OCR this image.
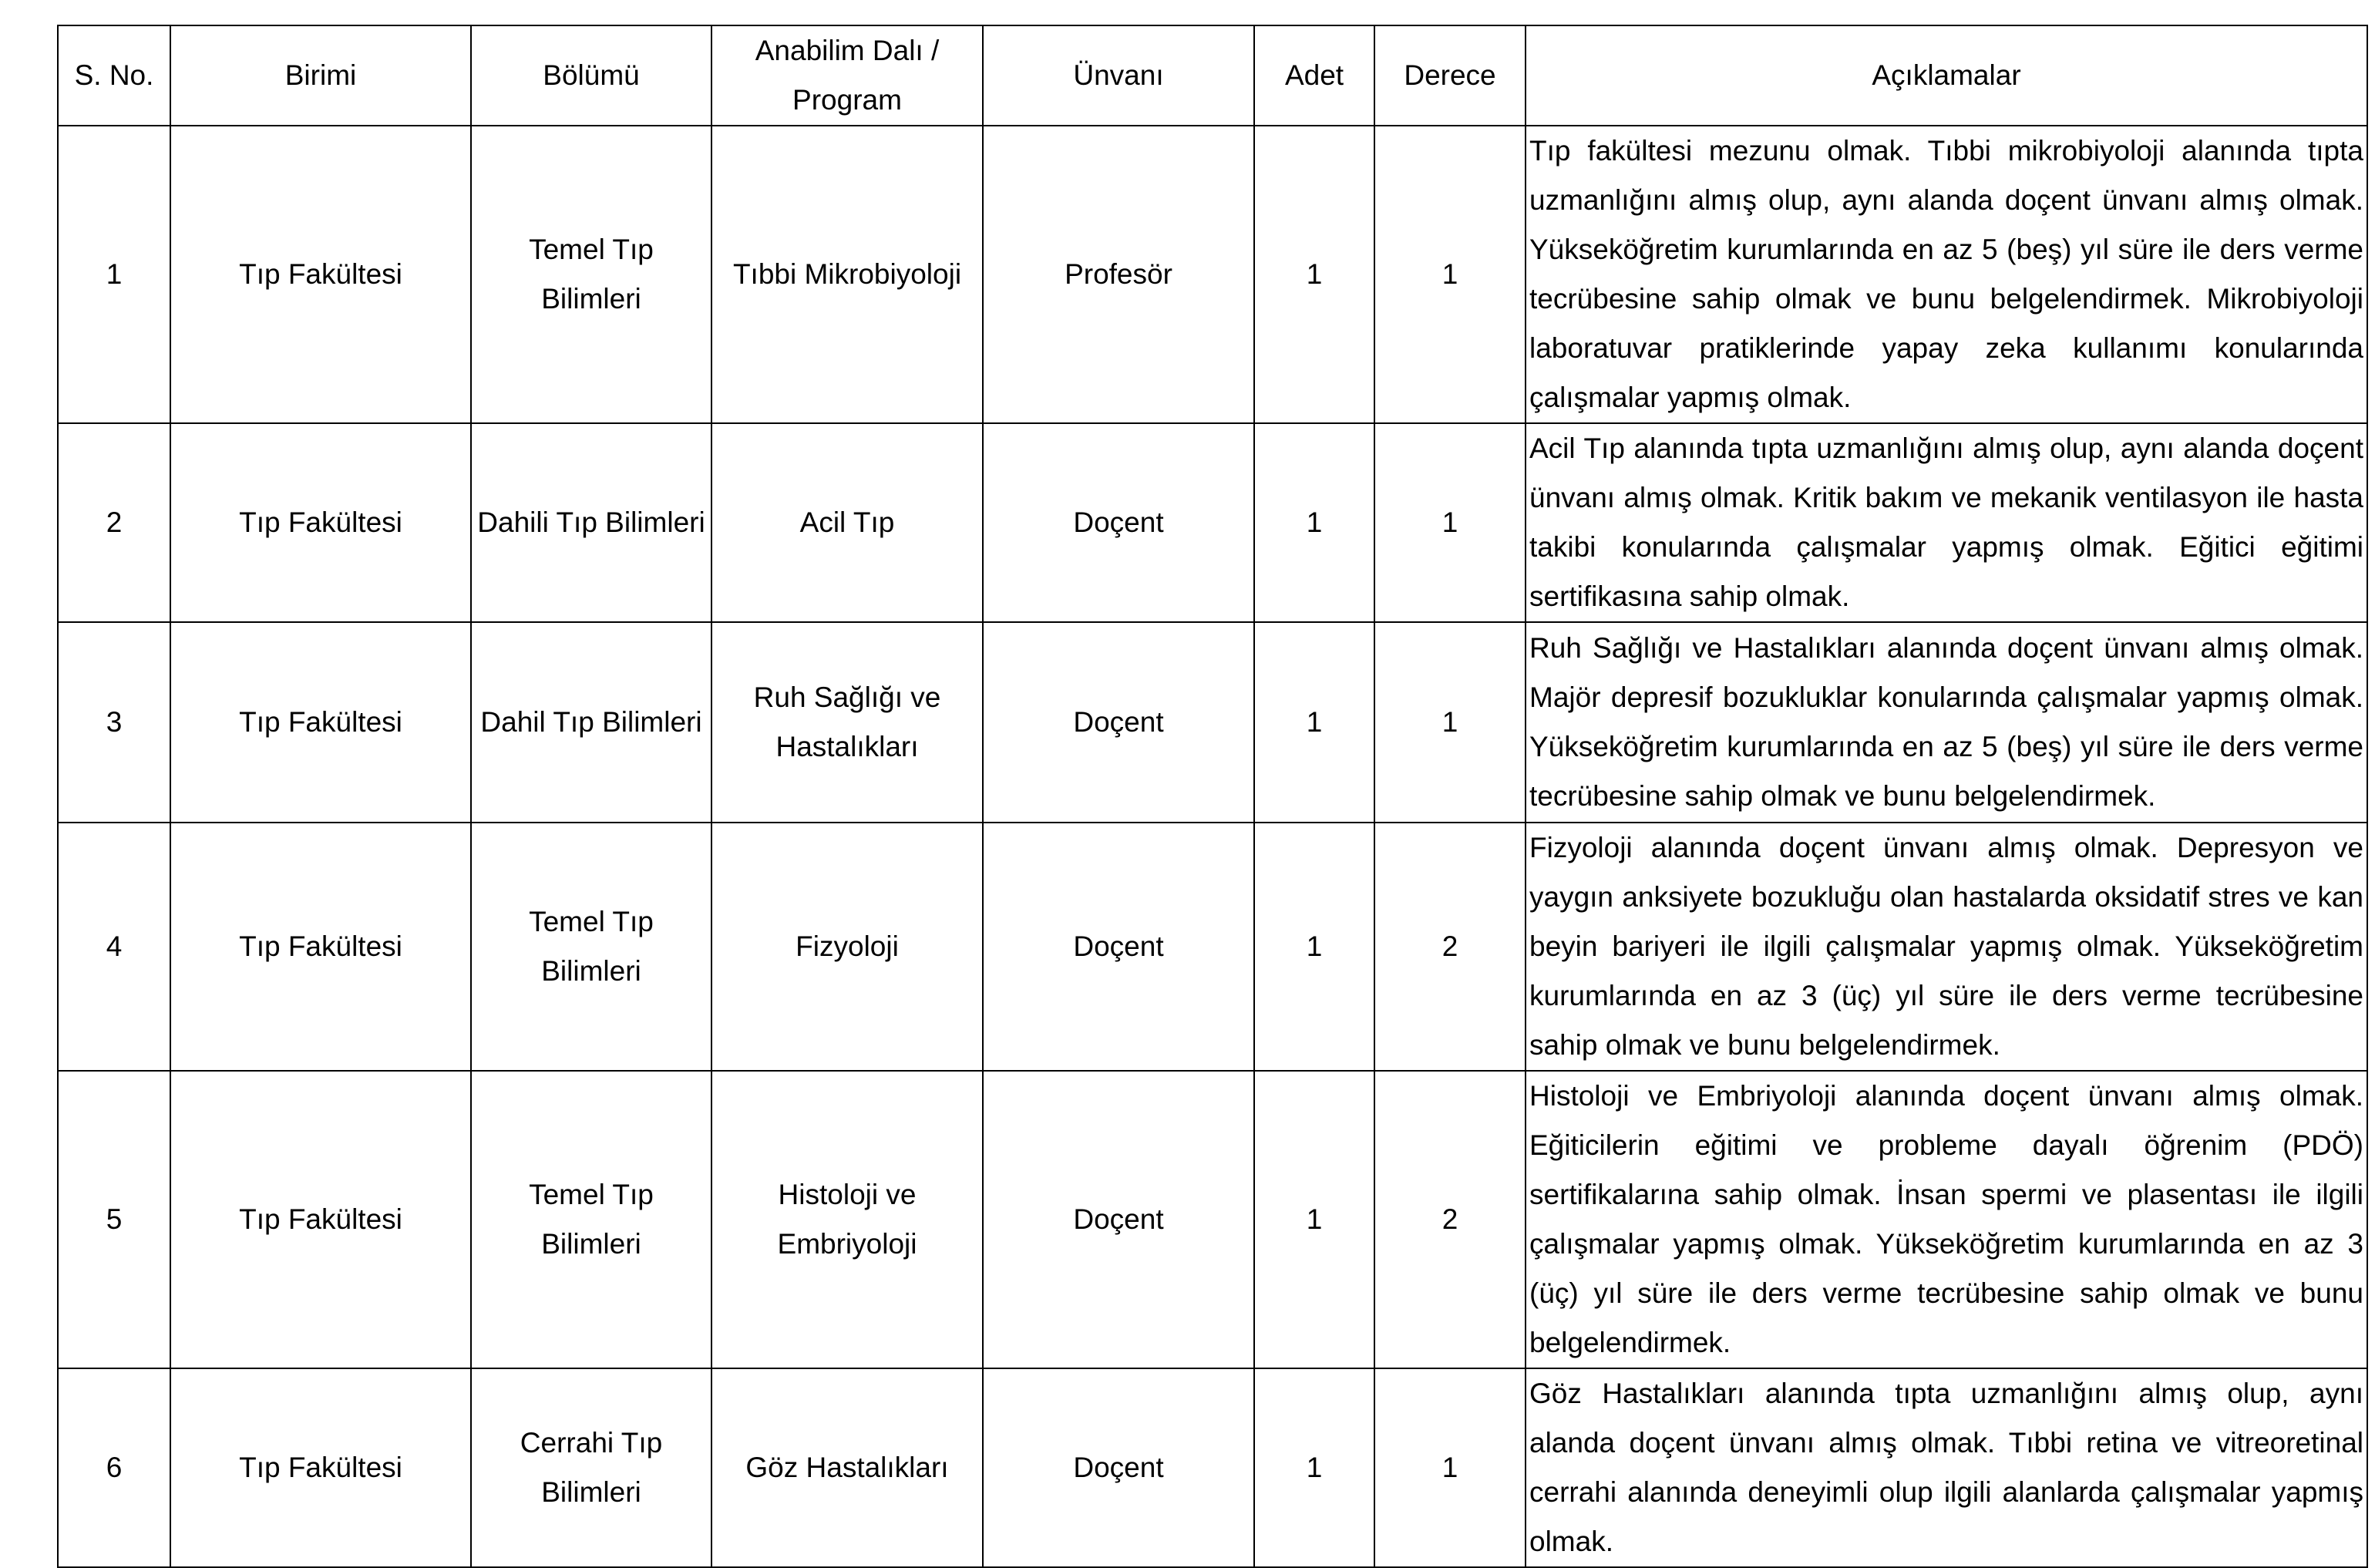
S. No.	Birimi	Bölümü	Anabilim Dalı / Program	Ünvanı	Adet	Derece	Açıklamalar
1	Tıp Fakültesi	Temel Tıp Bilimleri	Tıbbi Mikrobiyoloji	Profesör	1	1	Tıp fakültesi mezunu olmak. Tıbbi mikrobiyoloji alanında tıpta uzmanlığını almış olup, aynı alanda doçent ünvanı almış olmak. Yükseköğretim kurumlarında en az 5 (beş) yıl süre ile ders verme tecrübesine sahip olmak ve bunu belgelendirmek. Mikrobiyoloji laboratuvar pratiklerinde yapay zeka kullanımı konularında çalışmalar yapmış olmak.
2	Tıp Fakültesi	Dahili Tıp Bilimleri	Acil Tıp	Doçent	1	1	Acil Tıp alanında tıpta uzmanlığını almış olup, aynı alanda doçent ünvanı almış olmak. Kritik bakım ve mekanik ventilasyon ile hasta takibi konularında çalışmalar yapmış olmak. Eğitici eğitimi sertifikasına sahip olmak.
3	Tıp Fakültesi	Dahil Tıp Bilimleri	Ruh Sağlığı ve Hastalıkları	Doçent	1	1	Ruh Sağlığı ve Hastalıkları alanında doçent ünvanı almış olmak. Majör depresif bozukluklar konularında çalışmalar yapmış olmak. Yükseköğretim kurumlarında en az 5 (beş) yıl süre ile ders verme tecrübesine sahip olmak ve bunu belgelendirmek.
4	Tıp Fakültesi	Temel Tıp Bilimleri	Fizyoloji	Doçent	1	2	Fizyoloji alanında doçent ünvanı almış olmak. Depresyon ve yaygın anksiyete bozukluğu olan hastalarda oksidatif stres ve kan beyin bariyeri ile ilgili çalışmalar yapmış olmak. Yükseköğretim kurumlarında en az 3 (üç) yıl süre ile ders verme tecrübesine sahip olmak ve bunu belgelendirmek.
5	Tıp Fakültesi	Temel Tıp Bilimleri	Histoloji ve Embriyoloji	Doçent	1	2	Histoloji ve Embriyoloji alanında doçent ünvanı almış olmak. Eğiticilerin eğitimi ve probleme dayalı öğrenim (PDÖ) sertifikalarına sahip olmak. İnsan spermi ve plasentası ile ilgili çalışmalar yapmış olmak. Yükseköğretim kurumlarında en az 3 (üç) yıl süre ile ders verme tecrübesine sahip olmak ve bunu belgelendirmek.
6	Tıp Fakültesi	Cerrahi Tıp Bilimleri	Göz Hastalıkları	Doçent	1	1	Göz Hastalıkları alanında tıpta uzmanlığını almış olup, aynı alanda doçent ünvanı almış olmak. Tıbbi retina ve vitreoretinal cerrahi alanında deneyimli olup ilgili alanlarda çalışmalar yapmış olmak.
